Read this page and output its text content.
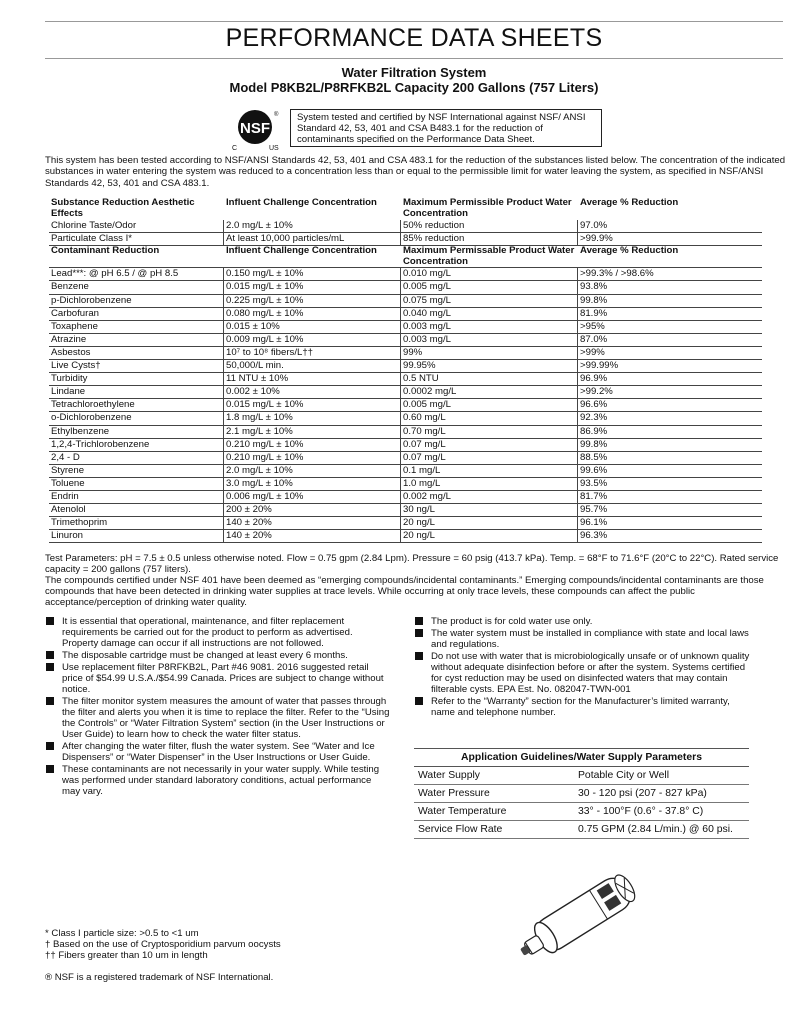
PERFORMANCE DATA SHEETS
Water Filtration System
Model P8KB2L/P8RFKB2L Capacity 200 Gallons (757 Liters)
NSF
®
C	US
System tested and certified by NSF International against NSF/ ANSI Standard 42, 53, 401 and CSA B483.1 for the reduction of contaminants specified on the Performance Data Sheet.
This system has been tested according to NSF/ANSI Standards 42, 53, 401 and CSA 483.1 for the reduction of the substances listed below. The concentration of the indicated substances in water entering the system was reduced to a concentration less than or equal to the permissible limit for water leaving the system, as specified in NSF/ANSI Standards 42, 53, 401 and CSA 483.1.
Substance Reduction Aesthetic Effects	Influent Challenge Concentration	Maximum Permissible Product Water Concentration	Average % Reduction
Chlorine Taste/Odor	2.0 mg/L ± 10%	50% reduction	97.0%
Particulate Class I*	At least 10,000 particles/mL	85% reduction	>99.9%
Contaminant Reduction	Influent Challenge Concentration	Maximum Permissable Product Water Concentration	Average % Reduction
Lead***: @ pH 6.5 / @ pH 8.5	0.150 mg/L ± 10%	0.010 mg/L	>99.3% / >98.6%
Benzene	0.015 mg/L ± 10%	0.005 mg/L	93.8%
p-Dichlorobenzene	0.225 mg/L ± 10%	0.075 mg/L	99.8%
Carbofuran	0.080 mg/L ± 10%	0.040 mg/L	81.9%
Toxaphene	0.015 ± 10%	0.003 mg/L	>95%
Atrazine	0.009 mg/L ± 10%	0.003 mg/L	87.0%
Asbestos	10⁷ to 10⁸ fibers/L††	99%	>99%
Live Cysts†	50,000/L min.	99.95%	>99.99%
Turbidity	11 NTU ± 10%	0.5 NTU	96.9%
Lindane	0.002 ± 10%	0.0002 mg/L	>99.2%
Tetrachloroethylene	0.015 mg/L ± 10%	0.005 mg/L	96.6%
o-Dichlorobenzene	1.8 mg/L ± 10%	0.60 mg/L	92.3%
Ethylbenzene	2.1 mg/L ± 10%	0.70 mg/L	86.9%
1,2,4-Trichlorobenzene	0.210 mg/L ± 10%	0.07 mg/L	99.8%
2,4 - D	0.210 mg/L ± 10%	0.07 mg/L	88.5%
Styrene	2.0 mg/L ± 10%	0.1 mg/L	99.6%
Toluene	3.0 mg/L ± 10%	1.0 mg/L	93.5%
Endrin	0.006 mg/L ± 10%	0.002 mg/L	81.7%
Atenolol	200 ± 20%	30 ng/L	95.7%
Trimethoprim	140 ± 20%	20 ng/L	96.1%
Linuron	140 ± 20%	20 ng/L	96.3%
Test Parameters: pH = 7.5 ± 0.5 unless otherwise noted. Flow = 0.75 gpm (2.84 Lpm). Pressure = 60 psig (413.7 kPa). Temp. = 68°F to 71.6°F (20°C to 22°C). Rated service capacity = 200 gallons (757 liters).
The compounds certified under NSF 401 have been deemed as “emerging compounds/incidental contaminants.” Emerging compounds/incidental contaminants are those compounds that have been detected in drinking water supplies at trace levels. While occurring at only trace levels, these compounds can affect the public acceptance/perception of drinking water quality.
It is essential that operational, maintenance, and filter replacement requirements be carried out for the product to perform as advertised. Property damage can occur if all instructions are not followed.
The disposable cartridge must be changed at least every 6 months.
Use replacement filter P8RFKB2L, Part #46 9081. 2016 suggested retail price of $54.99 U.S.A./$54.99 Canada. Prices are subject to change without notice.
The filter monitor system measures the amount of water that passes through the filter and alerts you when it is time to replace the filter. Refer to the “Using the Controls” or “Water Filtration System” section (in the User Instructions or User Guide) to learn how to check the water filter status.
After changing the water filter, flush the water system. See “Water and Ice Dispensers” or “Water Dispenser” in the User Instructions or User Guide.
These contaminants are not necessarily in your water supply. While testing was performed under standard laboratory conditions, actual performance may vary.
The product is for cold water use only.
The water system must be installed in compliance with state and local laws and regulations.
Do not use with water that is microbiologically unsafe or of unknown quality without adequate disinfection before or after the system. Systems certified for cyst reduction may be used on disinfected waters that may contain filterable cysts. EPA Est. No. 082047-TWN-001
Refer to the “Warranty” section for the Manufacturer’s limited warranty, name and telephone number.
Application Guidelines/Water Supply Parameters
Water Supply	Potable City or Well
Water Pressure	30 - 120 psi (207 - 827 kPa)
Water Temperature	33° - 100°F (0.6° - 37.8° C)
Service Flow Rate	0.75 GPM (2.84 L/min.) @ 60 psi.
* Class I particle size: >0.5 to <1 um
† Based on the use of Cryptosporidium parvum oocysts
†† Fibers greater than 10 um in length
® NSF is a registered trademark of NSF International.
